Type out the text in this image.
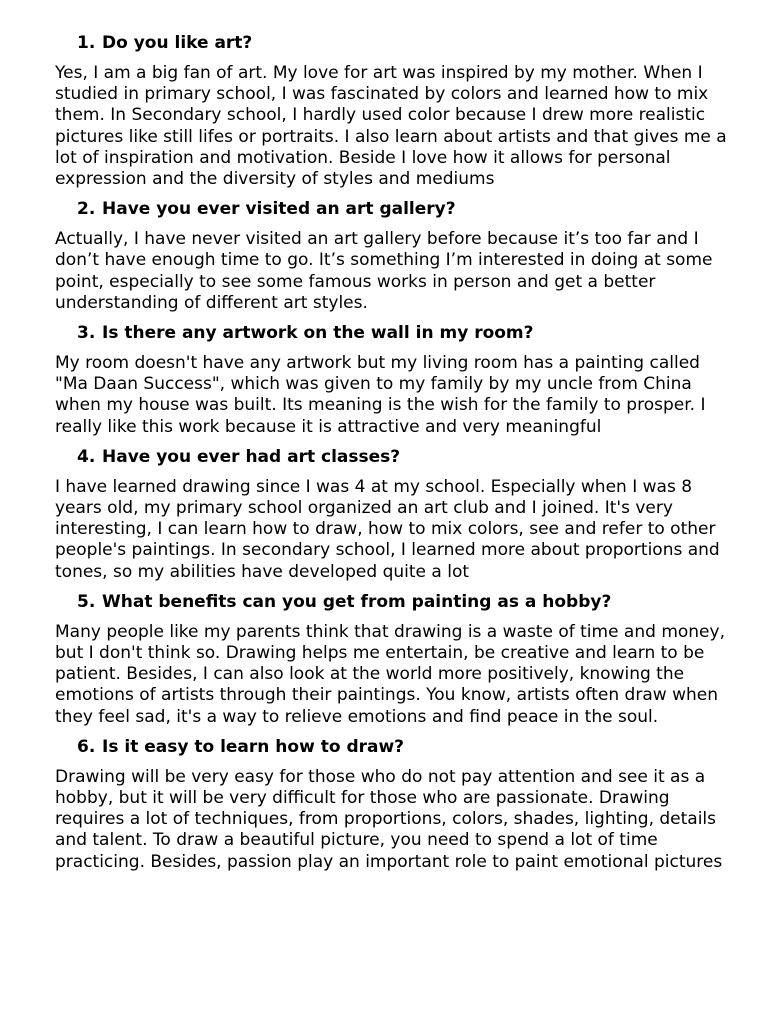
1. Do you like art?

Yes, I am a big fan of art. My love for art was inspired by my mother. When I studied in primary school, I was fascinated by colors and learned how to mix them. In Secondary school, I hardly used color because I drew more realistic pictures like still lifes or portraits. I also learn about artists and that gives me a lot of inspiration and motivation. Beside I love how it allows for personal expression and the diversity of styles and mediums

2. Have you ever visited an art gallery?

Actually, I have never visited an art gallery before because it’s too far and I don’t have enough time to go. It’s something I’m interested in doing at some point, especially to see some famous works in person and get a better understanding of different art styles.

3. Is there any artwork on the wall in my room?

My room doesn't have any artwork but my living room has a painting called "Ma Daan Success", which was given to my family by my uncle from China when my house was built. Its meaning is the wish for the family to prosper. I really like this work because it is attractive and very meaningful

4. Have you ever had art classes?

I have learned drawing since I was 4 at my school. Especially when I was 8 years old, my primary school organized an art club and I joined. It's very interesting, I can learn how to draw, how to mix colors, see and refer to other people's paintings. In secondary school, I learned more about proportions and tones, so my abilities have developed quite a lot

5. What benefits can you get from painting as a hobby?

Many people like my parents think that drawing is a waste of time and money, but I don't think so. Drawing helps me entertain, be creative and learn to be patient. Besides, I can also look at the world more positively, knowing the emotions of artists through their paintings. You know, artists often draw when they feel sad, it's a way to relieve emotions and find peace in the soul.

6. Is it easy to learn how to draw?

Drawing will be very easy for those who do not pay attention and see it as a hobby, but it will be very difficult for those who are passionate. Drawing requires a lot of techniques, from proportions, colors, shades, lighting, details and talent. To draw a beautiful picture, you need to spend a lot of time practicing. Besides, passion play an important role to paint emotional pictures
